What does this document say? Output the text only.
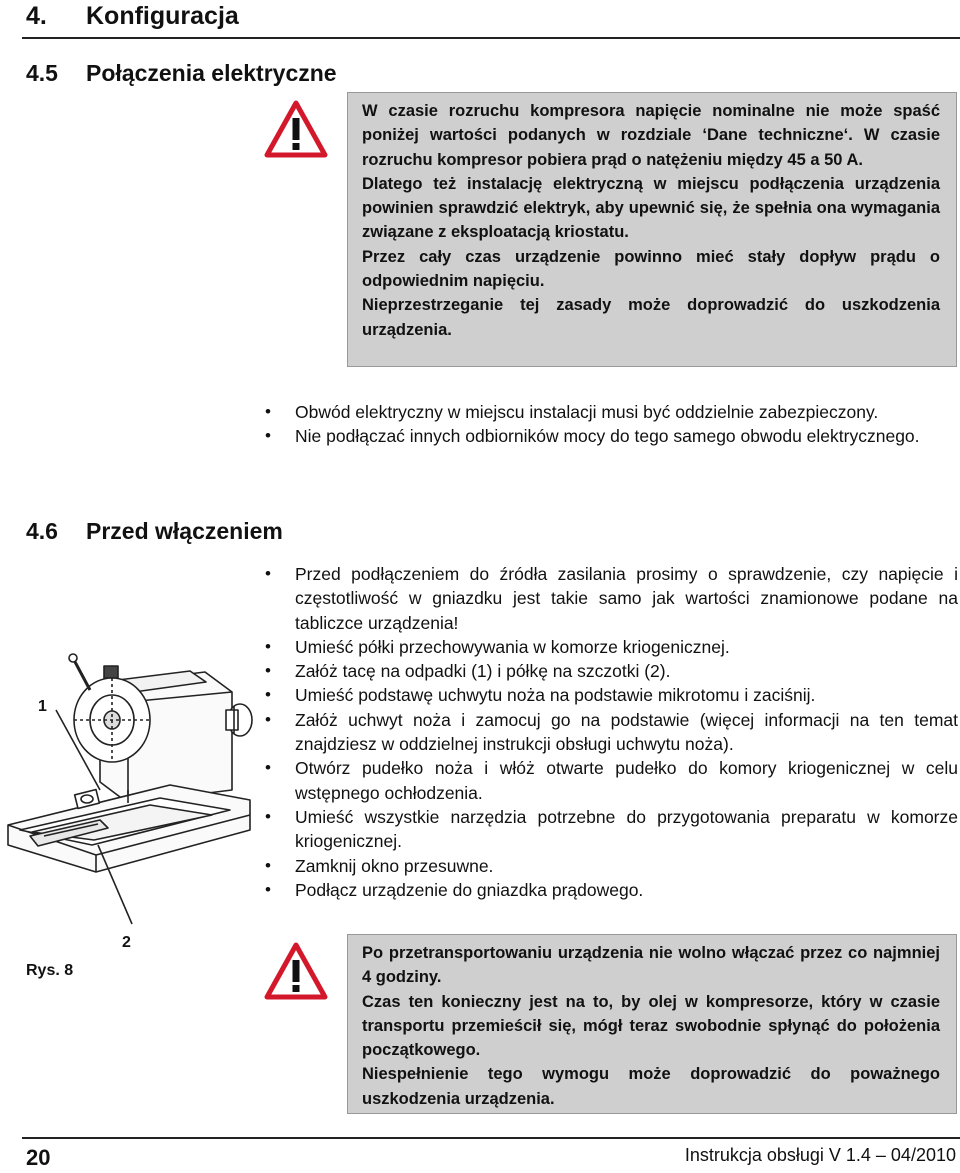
4. Konfiguracja
4.5 Połączenia elektryczne

W czasie rozruchu kompresora napięcie nominalne nie może spaść poniżej wartości podanych w rozdziale ‘Dane techniczne‘. W czasie rozruchu kompresor pobiera prąd o natężeniu między 45 a 50 A.

Dlatego też instalację elektryczną w miejscu podłączenia urządzenia powinien sprawdzić elektryk, aby upewnić się, że spełnia ona wymagania związane z eksploatacją kriostatu.

Przez cały czas urządzenie powinno mieć stały dopływ prądu o odpowiednim napięciu.

Nieprzestrzeganie tej zasady może doprowadzić do uszkodzenia urządzenia.

• Obwód elektryczny w miejscu instalacji musi być oddzielnie zabezpieczony.
• Nie podłączać innych odbiorników mocy do tego samego obwodu elektrycznego.
4.6 Przed włączeniem
• Przed podłączeniem do źródła zasilania prosimy o sprawdzenie, czy napięcie i częstotliwość w gniazdku jest takie samo jak wartości znamionowe podane na tabliczce urządzenia!
• Umieść półki przechowywania w komorze kriogenicznej.
• Załóż tacę na odpadki (1) i półkę na szczotki (2).
• Umieść podstawę uchwytu noża na podstawie mikrotomu i zaciśnij.
• Załóż uchwyt noża i zamocuj go na podstawie (więcej informacji na ten temat znajdziesz w oddzielnej instrukcji obsługi uchwytu noża).
• Otwórz pudełko noża i włóż otwarte pudełko do komory kriogenicznej w celu wstępnego ochłodzenia.
• Umieść wszystkie narzędzia potrzebne do przygotowania preparatu w komorze kriogenicznej.
• Zamknij okno przesuwne.
• Podłącz urządzenie do gniazdka prądowego.
1
2
Rys. 8

Po przetransportowaniu urządzenia nie wolno włączać przez co najmniej 4 godziny.

Czas ten konieczny jest na to, by olej w kompresorze, który w czasie transportu przemieścił się, mógł teraz swobodnie spłynąć do położenia początkowego.

Niespełnienie tego wymogu może doprowadzić do poważnego uszkodzenia urządzenia.

20	Instrukcja obsługi V 1.4 – 04/2010
